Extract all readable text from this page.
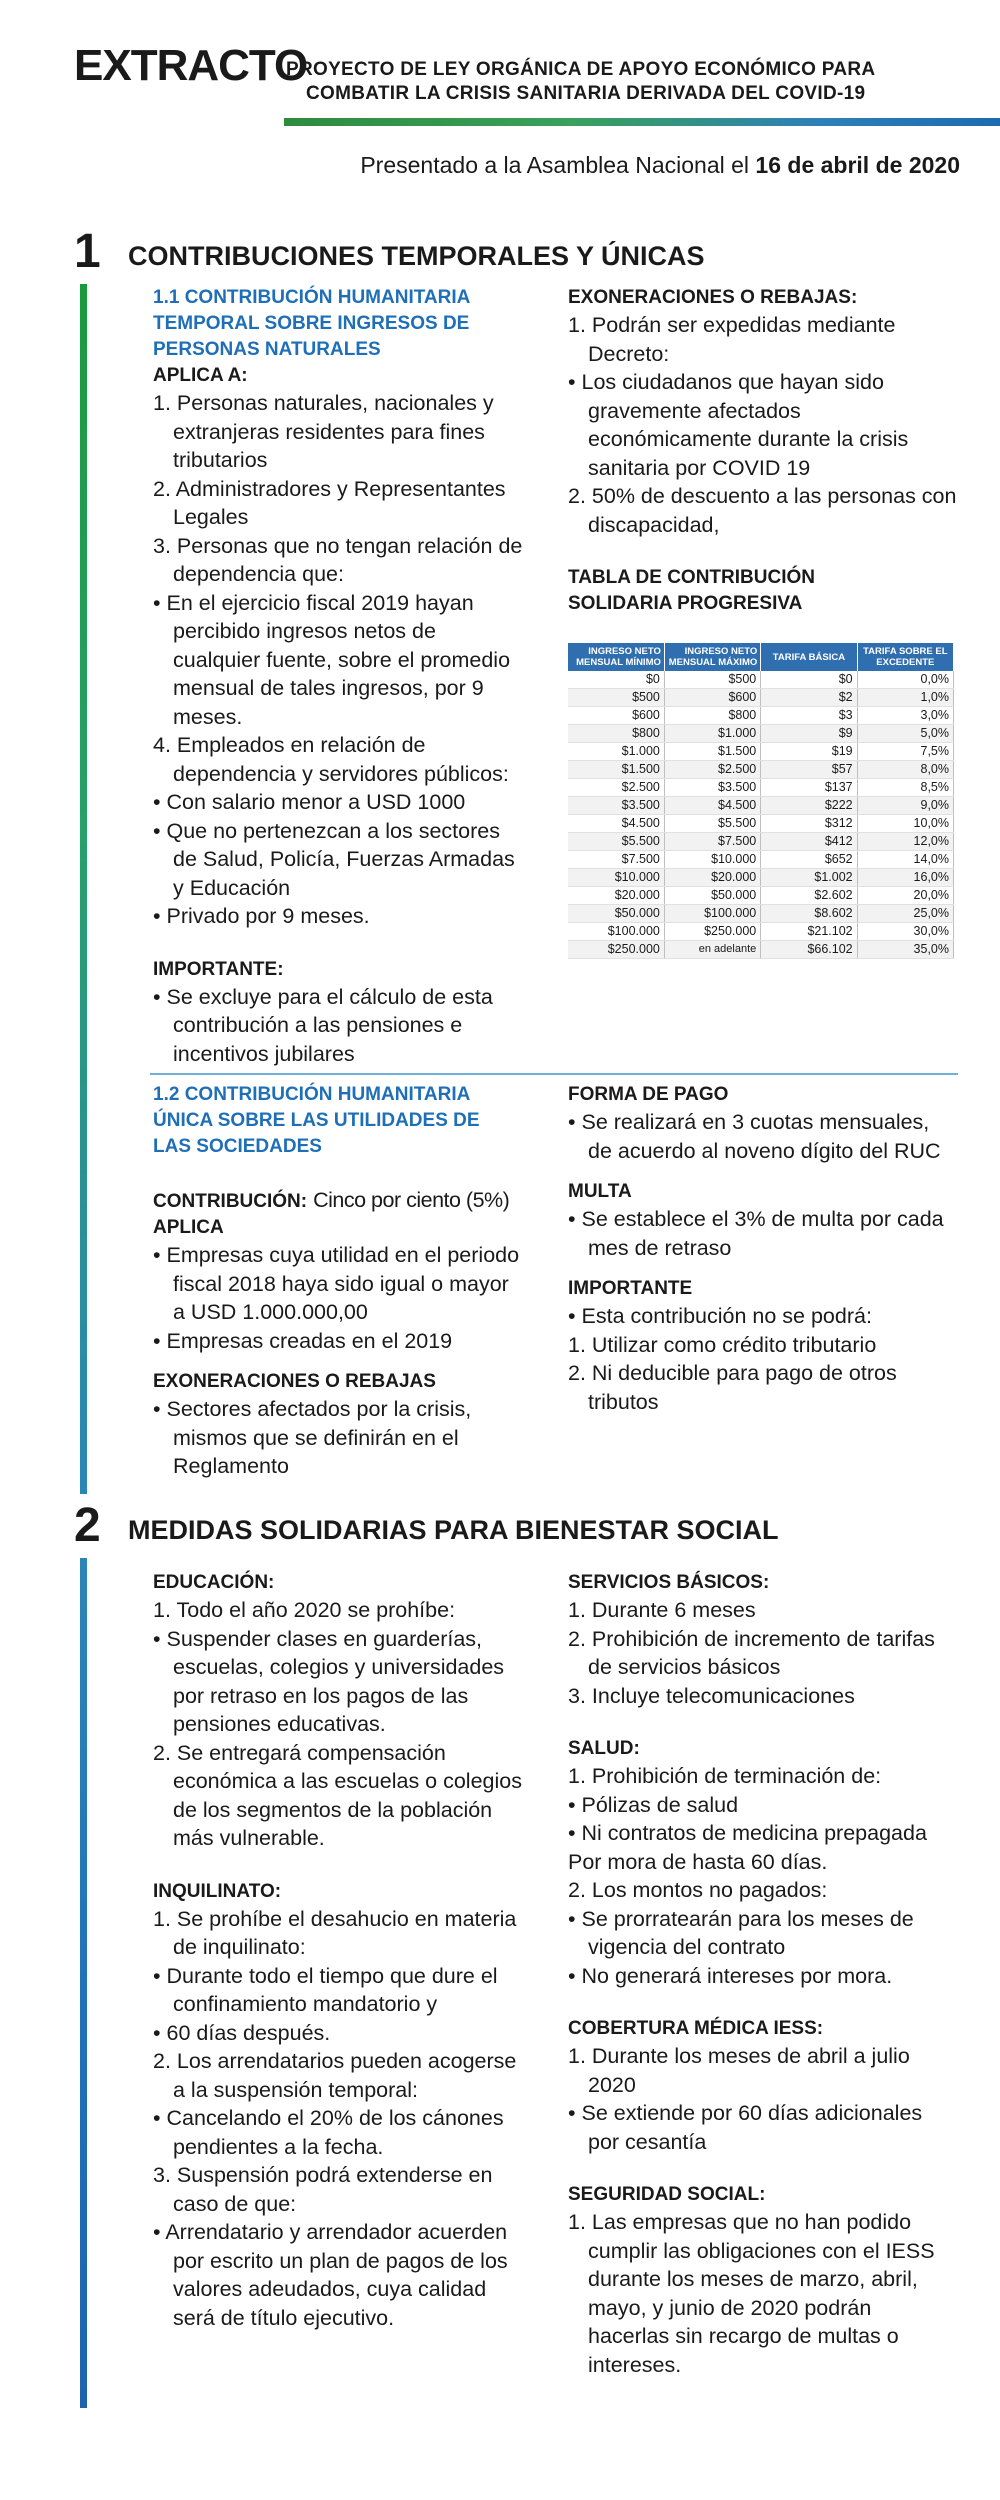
EXTRACTO
PROYECTO DE LEY ORGÁNICA DE APOYO ECONÓMICO PARA
COMBATIR LA CRISIS SANITARIA DERIVADA DEL COVID-19
Presentado a la Asamblea Nacional el 16 de abril de 2020
1 CONTRIBUCIONES TEMPORALES Y ÚNICAS
1.1 CONTRIBUCIÓN HUMANITARIA
TEMPORAL SOBRE INGRESOS DE
PERSONAS NATURALES
APLICA A:

1. Personas naturales, nacionales y extranjeras residentes para fines tributarios

2. Administradores y Representantes Legales

3. Personas que no tengan relación de dependencia que:

• En el ejercicio fiscal 2019 hayan percibido ingresos netos de cualquier fuente, sobre el promedio mensual de tales ingresos, por 9 meses.

4. Empleados en relación de dependencia y servidores públicos:

• Con salario menor a USD 1000

• Que no pertenezcan a los sectores de Salud, Policía, Fuerzas Armadas y Educación

• Privado por 9 meses.

IMPORTANTE:

• Se excluye para el cálculo de esta contribución a las pensiones e incentivos jubilares

EXONERACIONES O REBAJAS:

1. Podrán ser expedidas mediante Decreto:

• Los ciudadanos que hayan sido gravemente afectados económicamente durante la crisis sanitaria por COVID 19

2. 50% de descuento a las personas con discapacidad,

TABLA DE CONTRIBUCIÓN
SOLIDARIA PROGRESIVA
INGRESO NETO MENSUAL MÍNIMO	INGRESO NETO MENSUAL MÁXIMO	TARIFA BÁSICA	TARIFA SOBRE EL EXCEDENTE
$0	$500	$0	0,0%
$500	$600	$2	1,0%
$600	$800	$3	3,0%
$800	$1.000	$9	5,0%
$1.000	$1.500	$19	7,5%
$1.500	$2.500	$57	8,0%
$2.500	$3.500	$137	8,5%
$3.500	$4.500	$222	9,0%
$4.500	$5.500	$312	10,0%
$5.500	$7.500	$412	12,0%
$7.500	$10.000	$652	14,0%
$10.000	$20.000	$1.002	16,0%
$20.000	$50.000	$2.602	20,0%
$50.000	$100.000	$8.602	25,0%
$100.000	$250.000	$21.102	30,0%
$250.000	en adelante	$66.102	35,0%
1.2 CONTRIBUCIÓN HUMANITARIA
ÚNICA SOBRE LAS UTILIDADES DE
LAS SOCIEDADES
CONTRIBUCIÓN: Cinco por ciento (5%)
APLICA

• Empresas cuya utilidad en el periodo fiscal 2018 haya sido igual o mayor a USD 1.000.000,00

• Empresas creadas en el 2019

EXONERACIONES O REBAJAS

• Sectores afectados por la crisis, mismos que se definirán en el Reglamento

FORMA DE PAGO

• Se realizará en 3 cuotas mensuales, de acuerdo al noveno dígito del RUC

MULTA

• Se establece el 3% de multa por cada mes de retraso

IMPORTANTE

• Esta contribución no se podrá:

1. Utilizar como crédito tributario

2. Ni deducible para pago de otros tributos

2 MEDIDAS SOLIDARIAS PARA BIENESTAR SOCIAL
EDUCACIÓN:

1. Todo el año 2020 se prohíbe:

• Suspender clases en guarderías, escuelas, colegios y universidades por retraso en los pagos de las pensiones educativas.

2. Se entregará compensación económica a las escuelas o colegios de los segmentos de la población más vulnerable.

INQUILINATO:

1. Se prohíbe el desahucio en materia de inquilinato:

• Durante todo el tiempo que dure el confinamiento mandatorio y

• 60 días después.

2. Los arrendatarios pueden acogerse a la suspensión temporal:

• Cancelando el 20% de los cánones pendientes a la fecha.

3. Suspensión podrá extenderse en caso de que:

• Arrendatario y arrendador acuerden por escrito un plan de pagos de los valores adeudados, cuya calidad será de título ejecutivo.

SERVICIOS BÁSICOS:

1. Durante 6 meses

2. Prohibición de incremento de tarifas de servicios básicos

3. Incluye telecomunicaciones

SALUD:

1. Prohibición de terminación de:

• Pólizas de salud

• Ni contratos de medicina prepagada

Por mora de hasta 60 días.

2. Los montos no pagados:

• Se prorratearán para los meses de vigencia del contrato

• No generará intereses por mora.

COBERTURA MÉDICA IESS:

1. Durante los meses de abril a julio 2020

• Se extiende por 60 días adicionales por cesantía

SEGURIDAD SOCIAL:

1. Las empresas que no han podido cumplir las obligaciones con el IESS durante los meses de marzo, abril, mayo, y junio de 2020 podrán hacerlas sin recargo de multas o intereses.
